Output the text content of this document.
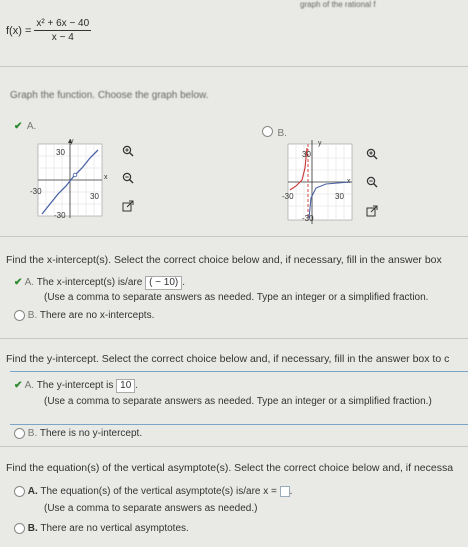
graph of the rational f
$f(x) = \frac{\text{x² + 6x − 40}}{x - 4}$
Graph the function. Choose the graph below.
✔ A.
y
30
x
-30
30
-30
B.
y
30
x
-30	30
-30
Find the x-intercept(s). Select the correct choice below and, if necessary, fill in the answer box
✔ A. The x-intercept(s) is/are ( − 10) .
(Use a comma to separate answers as needed. Type an integer or a simplified fraction.
B. There are no x-intercepts.
Find the y-intercept. Select the correct choice below and, if necessary, fill in the answer box to c
✔ A. The y-intercept is 10 .
(Use a comma to separate answers as needed. Type an integer or a simplified fraction.)
B. There is no y-intercept.
Find the equation(s) of the vertical asymptote(s). Select the correct choice below and, if necessa
A. The equation(s) of the vertical asymptote(s) is/are x = .
(Use a comma to separate answers as needed.)
B. There are no vertical asymptotes.
